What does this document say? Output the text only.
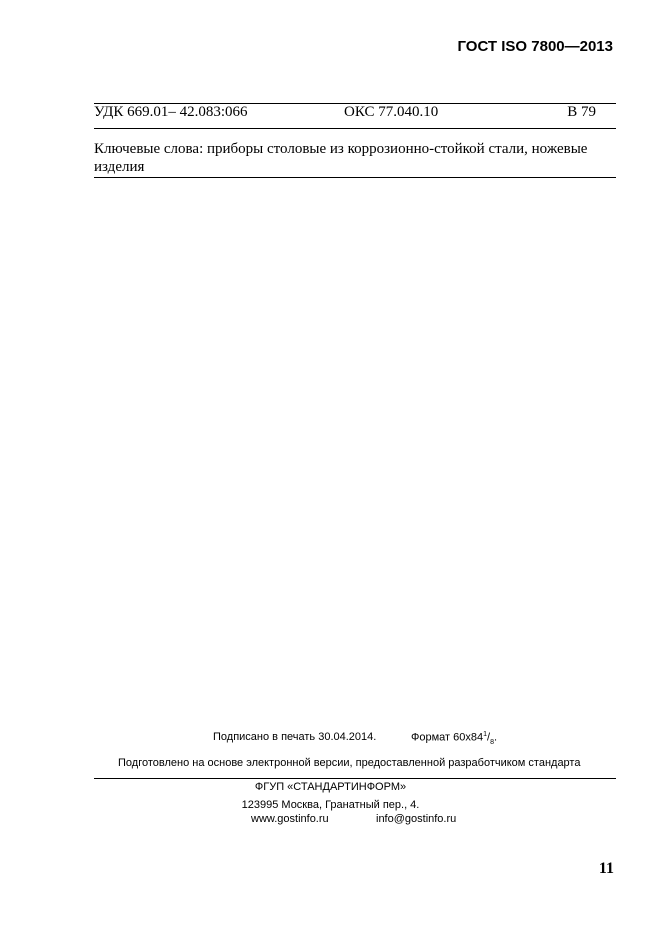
ГОСТ ISO 7800—2013
УДК 669.01– 42.083:066	ОКС 77.040.10	В 79
Ключевые слова: приборы столовые из коррозионно-стойкой стали, ножевые изделия
Подписано в печать 30.04.2014.	Формат $60х84^1/_8$.
Подготовлено на основе электронной версии, предоставленной разработчиком стандарта
ФГУП «СТАНДАРТИНФОРМ»
123995 Москва, Гранатный пер., 4.
www.gostinfo.ru	info@gostinfo.ru
11
